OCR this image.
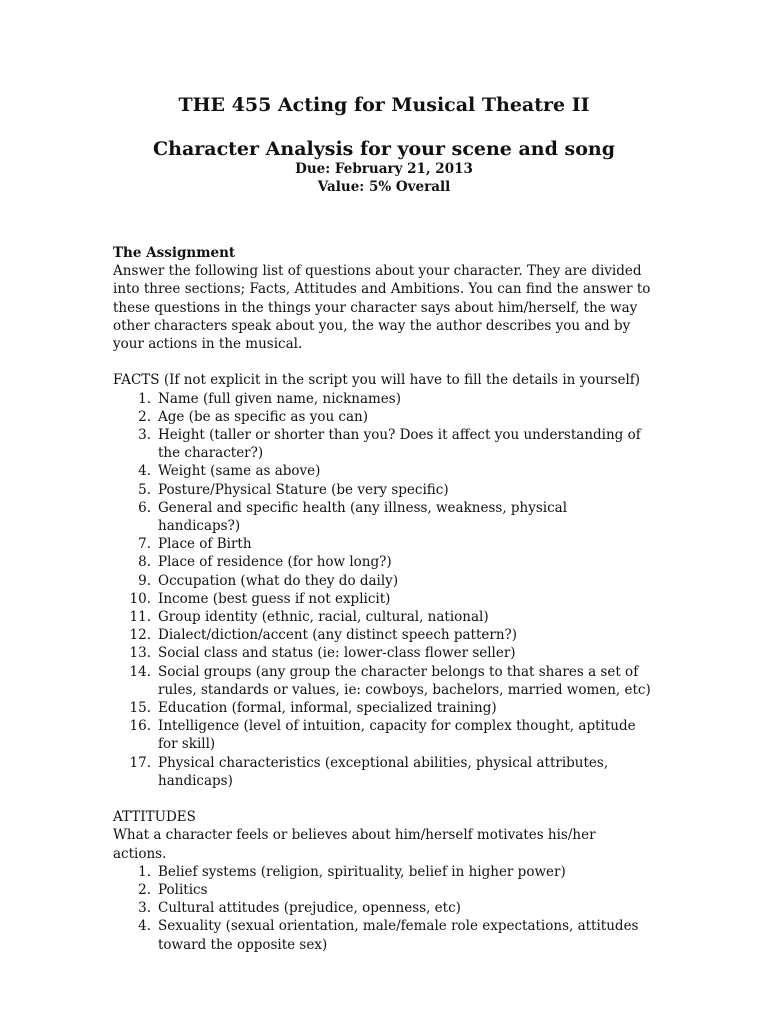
THE 455 Acting for Musical Theatre II
Character Analysis for your scene and song
Due: February 21, 2013
Value: 5% Overall

The Assignment

Answer the following list of questions about your character. They are divided into three sections; Facts, Attitudes and Ambitions. You can find the answer to these questions in the things your character says about him/herself, the way other characters speak about you, the way the author describes you and by your actions in the musical.

FACTS (If not explicit in the script you will have to fill the details in yourself)

1. Name (full given name, nicknames)
2. Age (be as specific as you can)
3. Height (taller or shorter than you? Does it affect you understanding of the character?)
4. Weight (same as above)
5. Posture/Physical Stature (be very specific)
6. General and specific health (any illness, weakness, physical handicaps?)
7. Place of Birth
8. Place of residence (for how long?)
9. Occupation (what do they do daily)
10. Income (best guess if not explicit)
11. Group identity (ethnic, racial, cultural, national)
12. Dialect/diction/accent (any distinct speech pattern?)
13. Social class and status (ie: lower-class flower seller)
14. Social groups (any group the character belongs to that shares a set of rules, standards or values, ie: cowboys, bachelors, married women, etc)
15. Education (formal, informal, specialized training)
16. Intelligence (level of intuition, capacity for complex thought, aptitude for skill)
17. Physical characteristics (exceptional abilities, physical attributes, handicaps)

ATTITUDES

What a character feels or believes about him/herself motivates his/her actions.

1. Belief systems (religion, spirituality, belief in higher power)
2. Politics
3. Cultural attitudes (prejudice, openness, etc)
4. Sexuality (sexual orientation, male/female role expectations, attitudes toward the opposite sex)
